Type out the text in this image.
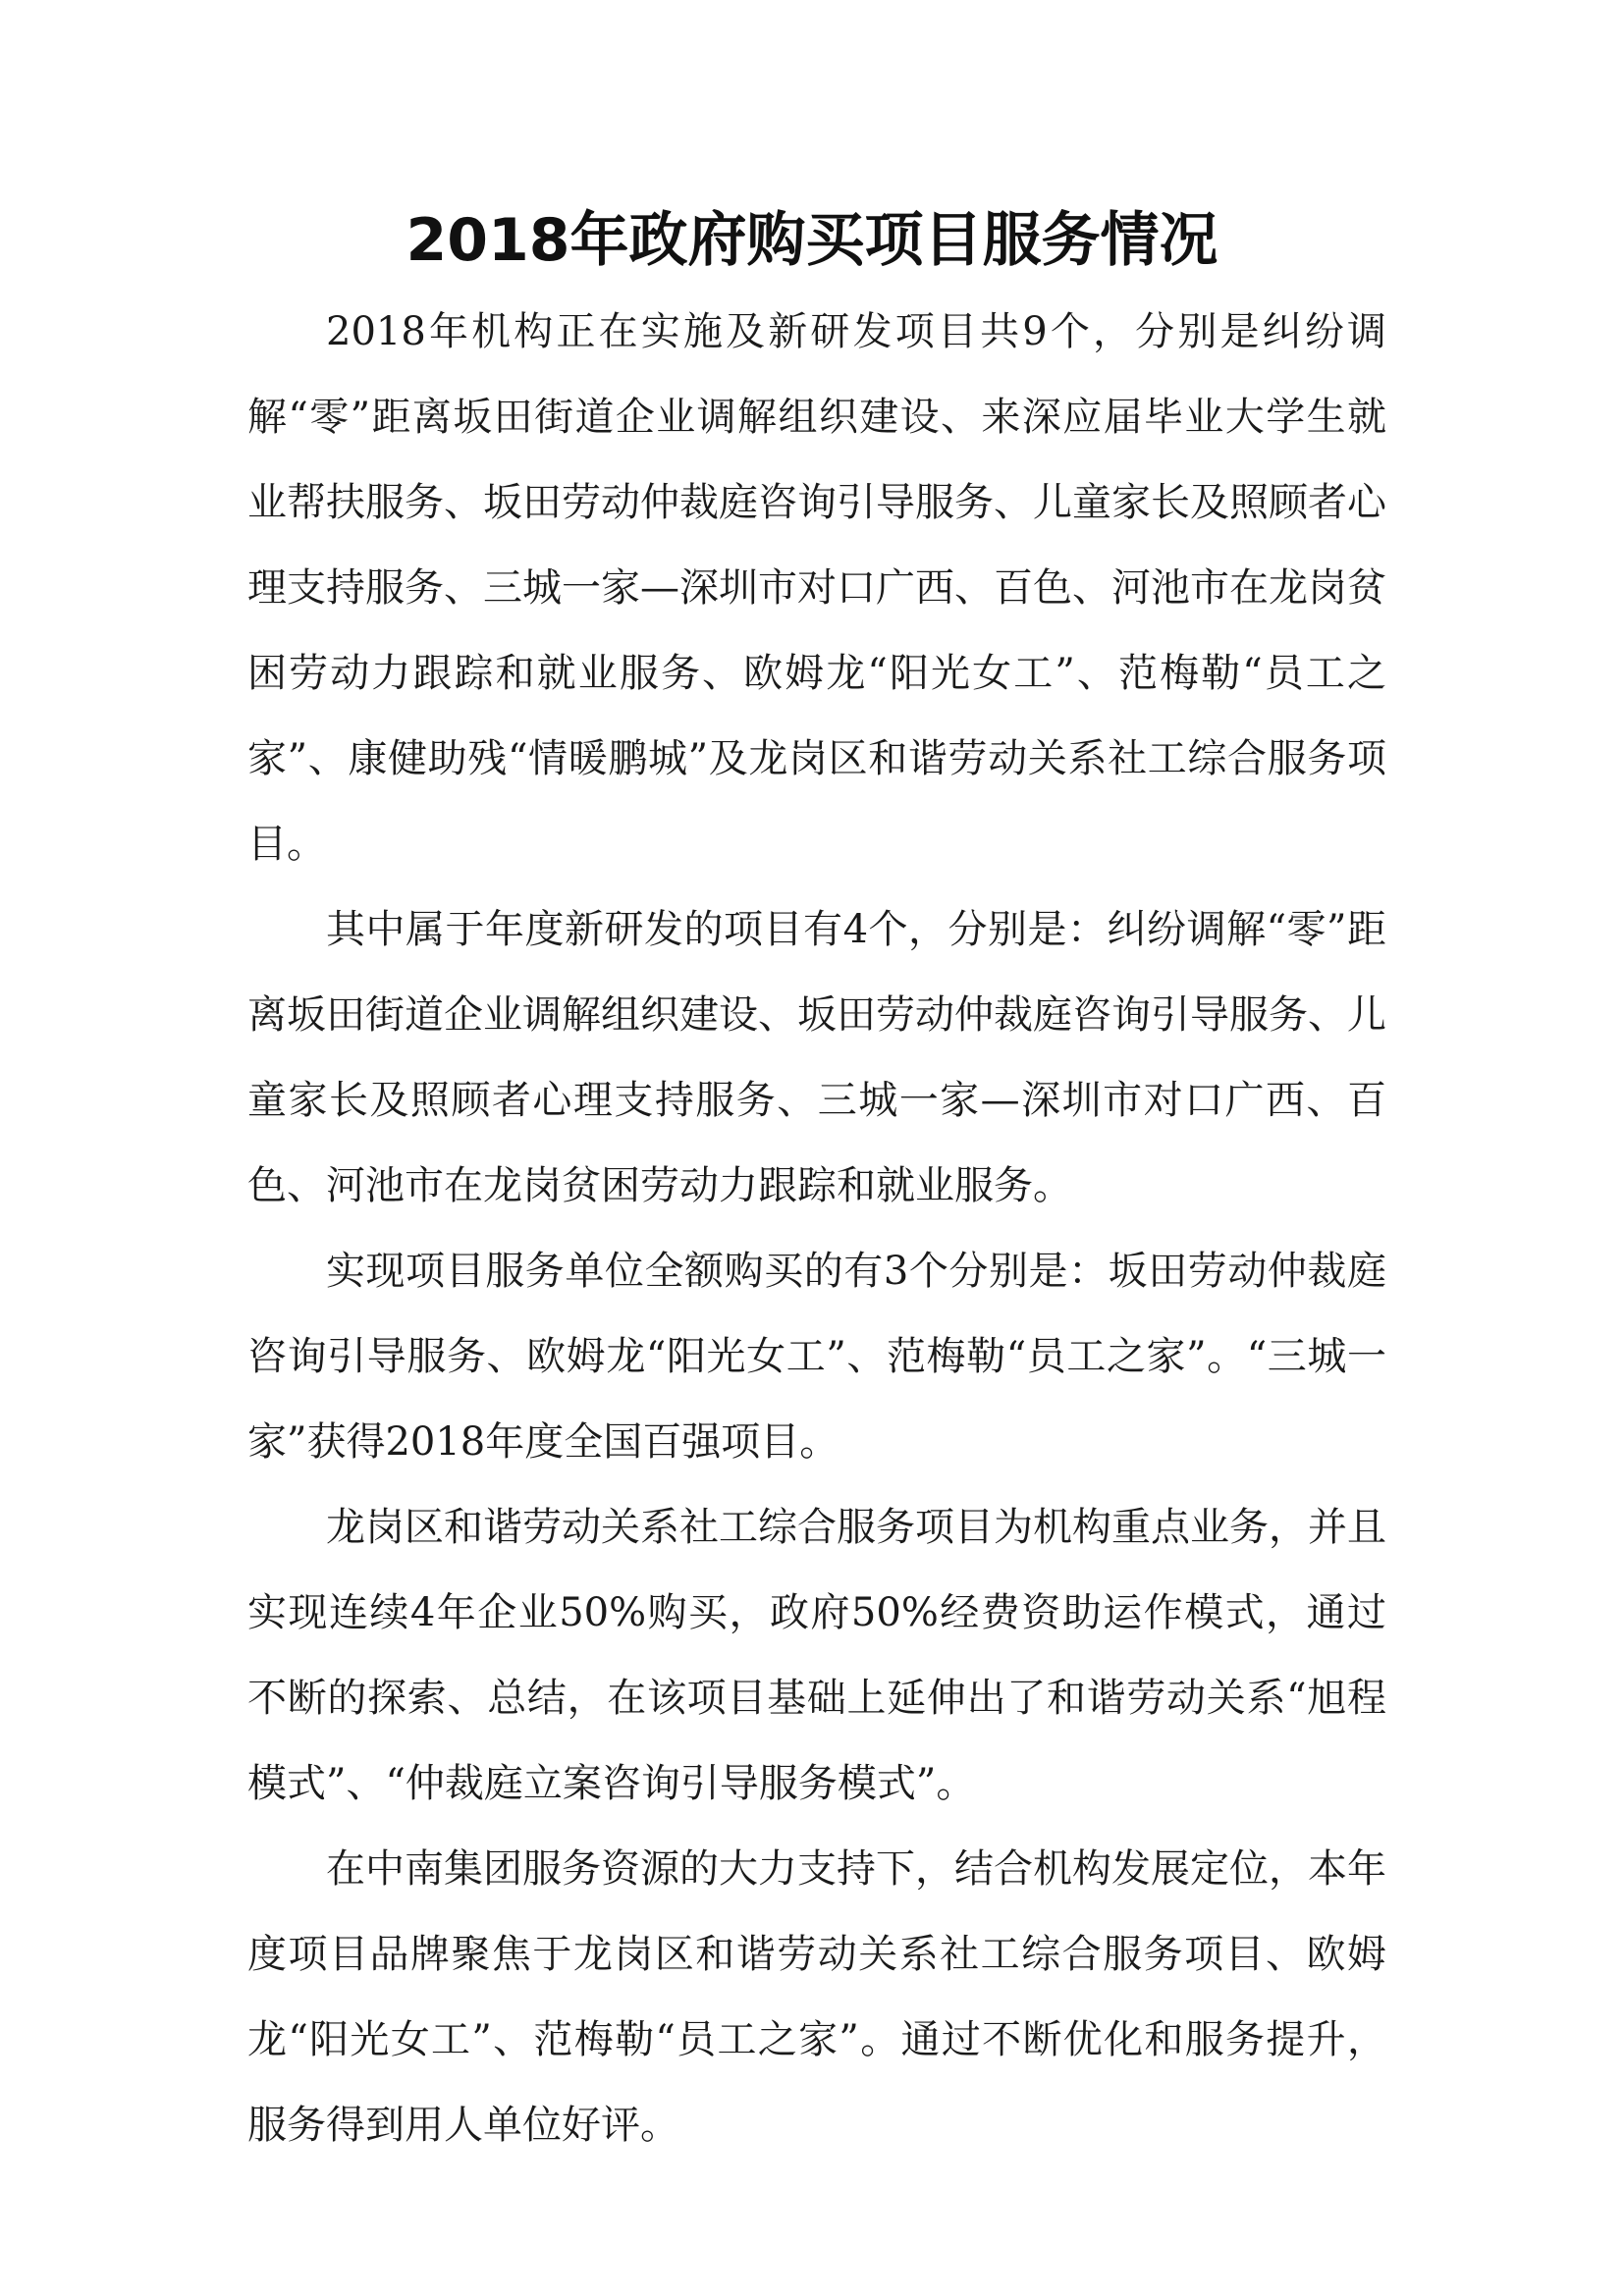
2018年政府购买项目服务情况

2018年机构正在实施及新研发项目共9个，分别是纠纷调解“零”距离坂田街道企业调解组织建设、来深应届毕业大学生就业帮扶服务、坂田劳动仲裁庭咨询引导服务、儿童家长及照顾者心理支持服务、三城一家—深圳市对口广西、百色、河池市在龙岗贫困劳动力跟踪和就业服务、欧姆龙“阳光女工”、范梅勒“员工之家”、康健助残“情暖鹏城”及龙岗区和谐劳动关系社工综合服务项目。

其中属于年度新研发的项目有4个，分别是：纠纷调解“零”距离坂田街道企业调解组织建设、坂田劳动仲裁庭咨询引导服务、儿童家长及照顾者心理支持服务、三城一家—深圳市对口广西、百色、河池市在龙岗贫困劳动力跟踪和就业服务。

实现项目服务单位全额购买的有3个分别是：坂田劳动仲裁庭咨询引导服务、欧姆龙“阳光女工”、范梅勒“员工之家”。“三城一家”获得2018年度全国百强项目。

龙岗区和谐劳动关系社工综合服务项目为机构重点业务，并且实现连续4年企业50%购买，政府50%经费资助运作模式，通过不断的探索、总结，在该项目基础上延伸出了和谐劳动关系“旭程模式”、“仲裁庭立案咨询引导服务模式”。

在中南集团服务资源的大力支持下，结合机构发展定位，本年度项目品牌聚焦于龙岗区和谐劳动关系社工综合服务项目、欧姆龙“阳光女工”、范梅勒“员工之家”。通过不断优化和服务提升，服务得到用人单位好评。
